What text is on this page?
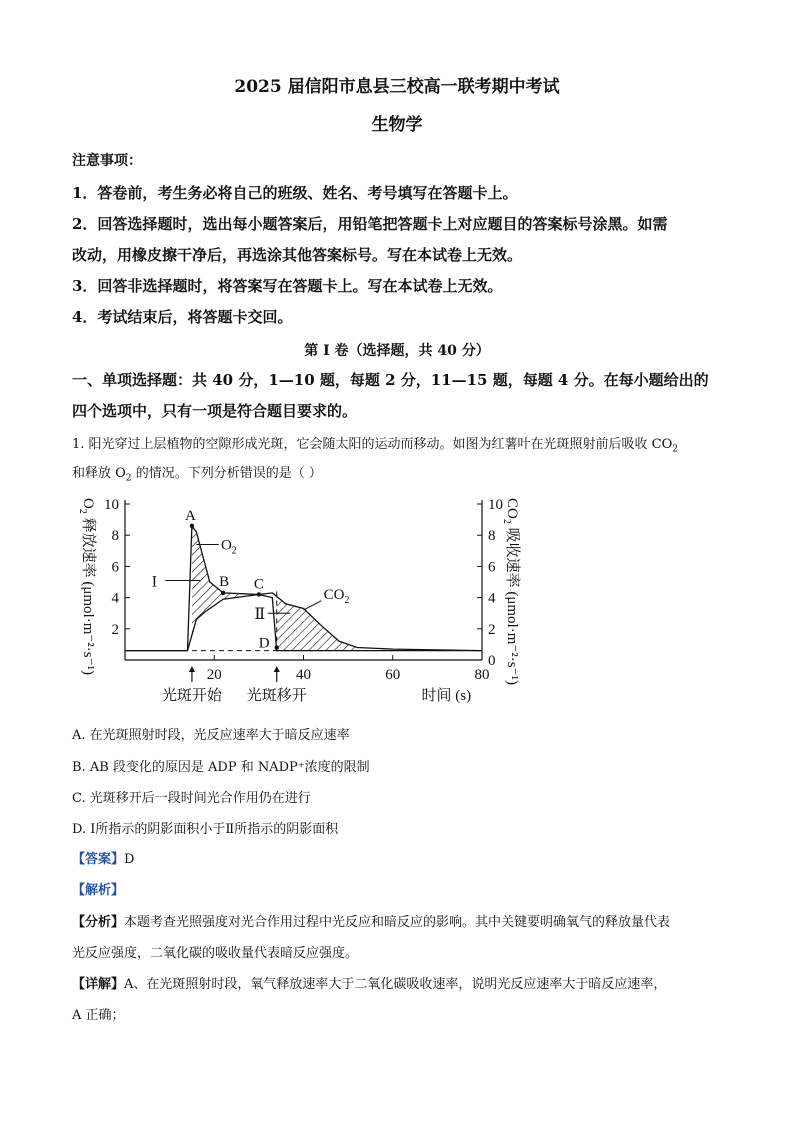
2025 届信阳市息县三校高一联考期中考试
生物学
注意事项：
1．答卷前，考生务必将自己的班级、姓名、考号填写在答题卡上。
2．回答选择题时，选出每小题答案后，用铅笔把答题卡上对应题目的答案标号涂黑。如需
改动，用橡皮擦干净后，再选涂其他答案标号。写在本试卷上无效。
3．回答非选择题时，将答案写在答题卡上。写在本试卷上无效。
4．考试结束后，将答题卡交回。
第 I 卷（选择题，共 40 分）
一、单项选择题：共 40 分，1—10 题，每题 2 分，11—15 题，每题 4 分。在每小题给出的
四个选项中，只有一项是符合题目要求的。
1. 阳光穿过上层植物的空隙形成光斑，它会随太阳的运动而移动。如图为红薯叶在光斑照射前后吸收 $CO_2$
和释放 $O_2$ 的情况。下列分析错误的是（ ）
2
4
6
8
10
0
2
4
6
8
10
20	40	60	80
A
B C
D
$O_2$
$CO_2$
I
Ⅱ
光斑开始 光斑移开	时间 (s)
$O_2$ 释放速率 (μmol·m⁻²·s⁻¹)
$CO_2$ 吸收速率 (μmol·m⁻²·s⁻¹)
A. 在光斑照射时段，光反应速率大于暗反应速率
B. AB 段变化的原因是 ADP 和 NADP⁺浓度的限制
C. 光斑移开后一段时间光合作用仍在进行
D. Ⅰ所指示的阴影面积小于Ⅱ所指示的阴影面积
【答案】D
【解析】
【分析】本题考查光照强度对光合作用过程中光反应和暗反应的影响。其中关键要明确氧气的释放量代表
光反应强度，二氧化碳的吸收量代表暗反应强度。
【详解】A、在光斑照射时段，氧气释放速率大于二氧化碳吸收速率，说明光反应速率大于暗反应速率，
A 正确；
